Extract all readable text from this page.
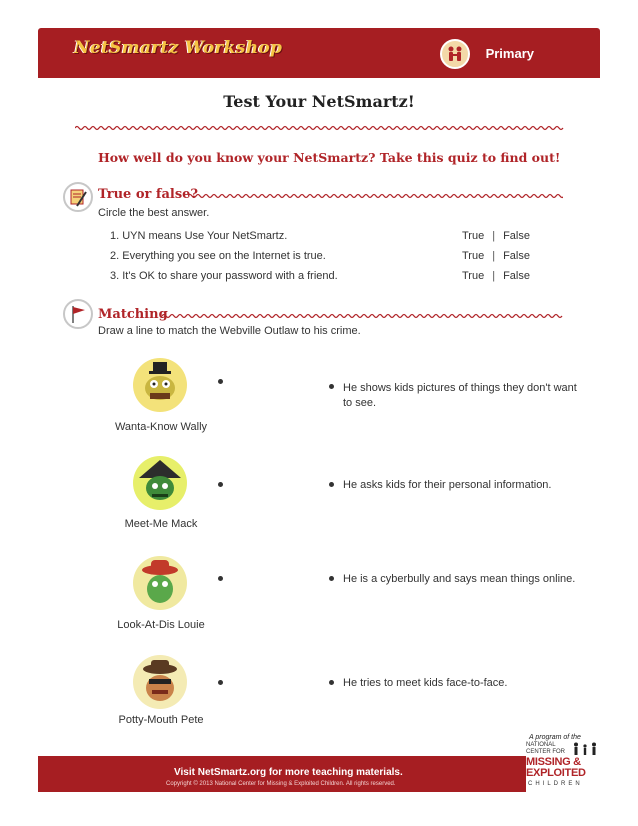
NetSmartz Workshop	Primary
Test Your NetSmartz!
How well do you know your NetSmartz? Take this quiz to find out!
True or false?
Circle the best answer.
1. UYN means Use Your NetSmartz.	True | False
2. Everything you see on the Internet is true.	True | False
3. It's OK to share your password with a friend.	True | False
Matching
Draw a line to match the Webville Outlaw to his crime.
Wanta-Know Wally
Meet-Me Mack
Look-At-Dis Louie
Potty-Mouth Pete
He shows kids pictures of things they don't want to see.
He asks kids for their personal information.
He is a cyberbully and says mean things online.
He tries to meet kids face-to-face.
A program of the
Visit NetSmartz.org for more teaching materials.
Copyright © 2013 National Center for Missing & Exploited Children. All rights reserved.
NATIONAL
CENTER FOR
MISSING &
EXPLOITED
CHILDREN
